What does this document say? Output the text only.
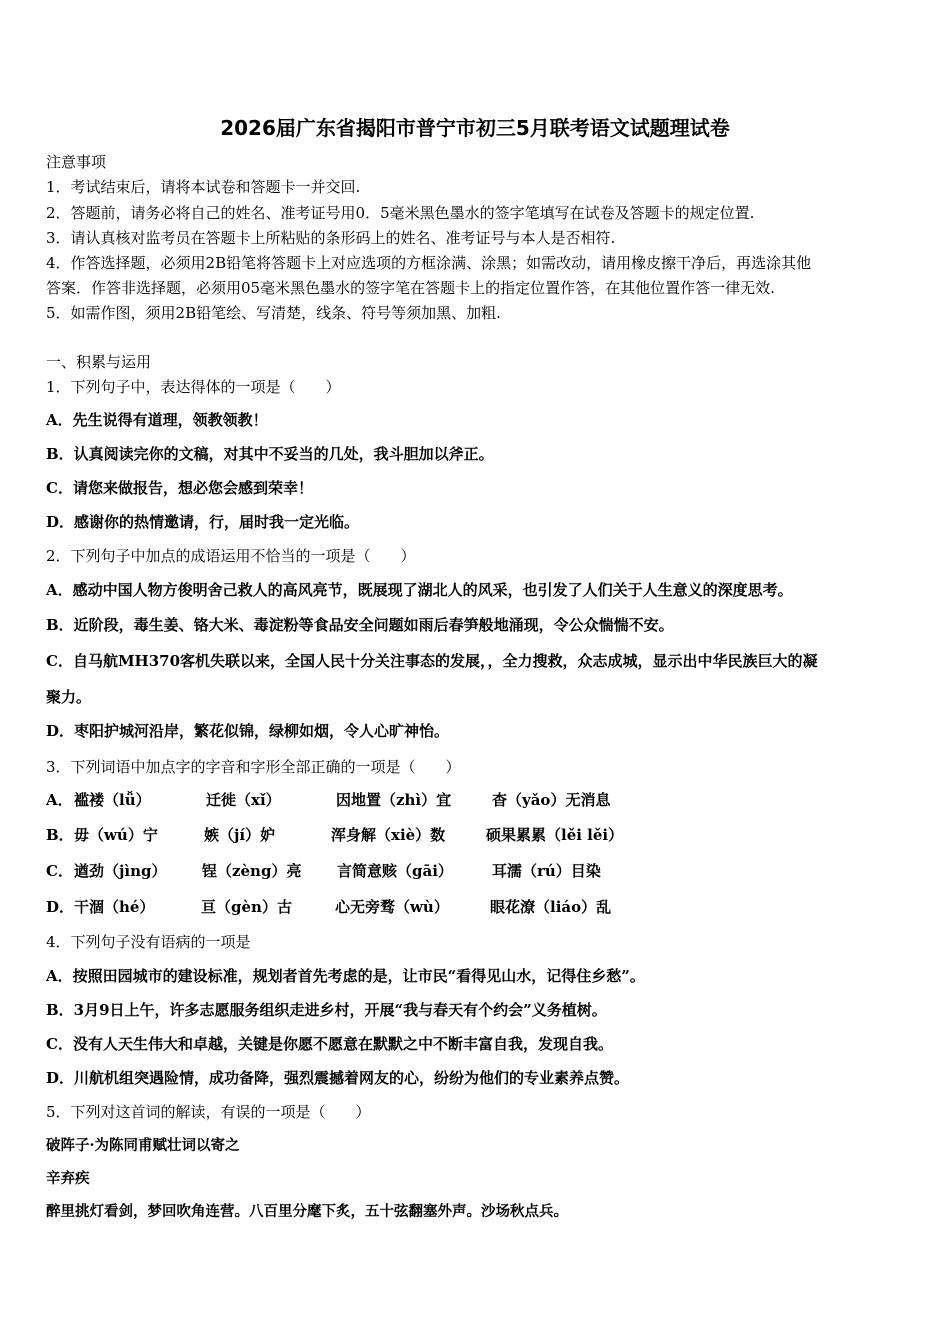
2026届广东省揭阳市普宁市初三5月联考语文试题理试卷
注意事项
1．考试结束后，请将本试卷和答题卡一并交回.
2．答题前，请务必将自己的姓名、准考证号用0．5毫米黑色墨水的签字笔填写在试卷及答题卡的规定位置.
3．请认真核对监考员在答题卡上所粘贴的条形码上的姓名、准考证号与本人是否相符.
4．作答选择题，必须用2B铅笔将答题卡上对应选项的方框涂满、涂黑；如需改动，请用橡皮擦干净后，再选涂其他
答案．作答非选择题，必须用05毫米黑色墨水的签字笔在答题卡上的指定位置作答，在其他位置作答一律无效.
5．如需作图，须用2B铅笔绘、写清楚，线条、符号等须加黑、加粗.
一、积累与运用
1．下列句子中，表达得体的一项是（　　）
A．先生说得有道理，领教领教！
B．认真阅读完你的文稿，对其中不妥当的几处，我斗胆加以斧正。
C．请您来做报告，想必您会感到荣幸！
D．感谢你的热情邀请，行，届时我一定光临。
2．下列句子中加点的成语运用不恰当的一项是（　　）
A．感动中国人物方俊明舍己救人的高风亮节，既展现了湖北人的风采，也引发了人们关于人生意义的深度思考。
B．近阶段，毒生姜、铬大米、毒淀粉等食品安全问题如雨后春笋般地涌现，令公众惴惴不安。
C．自马航MH370客机失联以来，全国人民十分关注事态的发展，，全力搜救，众志成城，显示出中华民族巨大的凝
聚力。
D．枣阳护城河沿岸，繁花似锦，绿柳如烟，令人心旷神怡。
3．下列词语中加点字的字音和字形全部正确的一项是（　　）
A．褴褛（lǚ）	迁徙（xǐ）	因地置（zhì）宜	杳（yǎo）无消息
B．毋（wú）宁	嫉（jí）妒	浑身解（xiè）数	硕果累累（lěi lěi）
C．遒劲（jìng） 锃（zèng）亮 言简意赅（gāi）	耳濡（rú）目染
D．干涸（hé）	亘（gèn）古	心无旁骛（wù）	眼花潦（liáo）乱
4．下列句子没有语病的一项是
A．按照田园城市的建设标准，规划者首先考虑的是，让市民“看得见山水，记得住乡愁”。
B．3月9日上午，许多志愿服务组织走进乡村，开展“我与春天有个约会”义务植树。
C．没有人天生伟大和卓越，关键是你愿不愿意在默默之中不断丰富自我，发现自我。
D．川航机组突遇险情，成功备降，强烈震撼着网友的心，纷纷为他们的专业素养点赞。
5．下列对这首词的解读，有误的一项是（　　）
破阵子·为陈同甫赋壮词以寄之
辛弃疾
醉里挑灯看剑，梦回吹角连营。八百里分麾下炙，五十弦翻塞外声。沙场秋点兵。
